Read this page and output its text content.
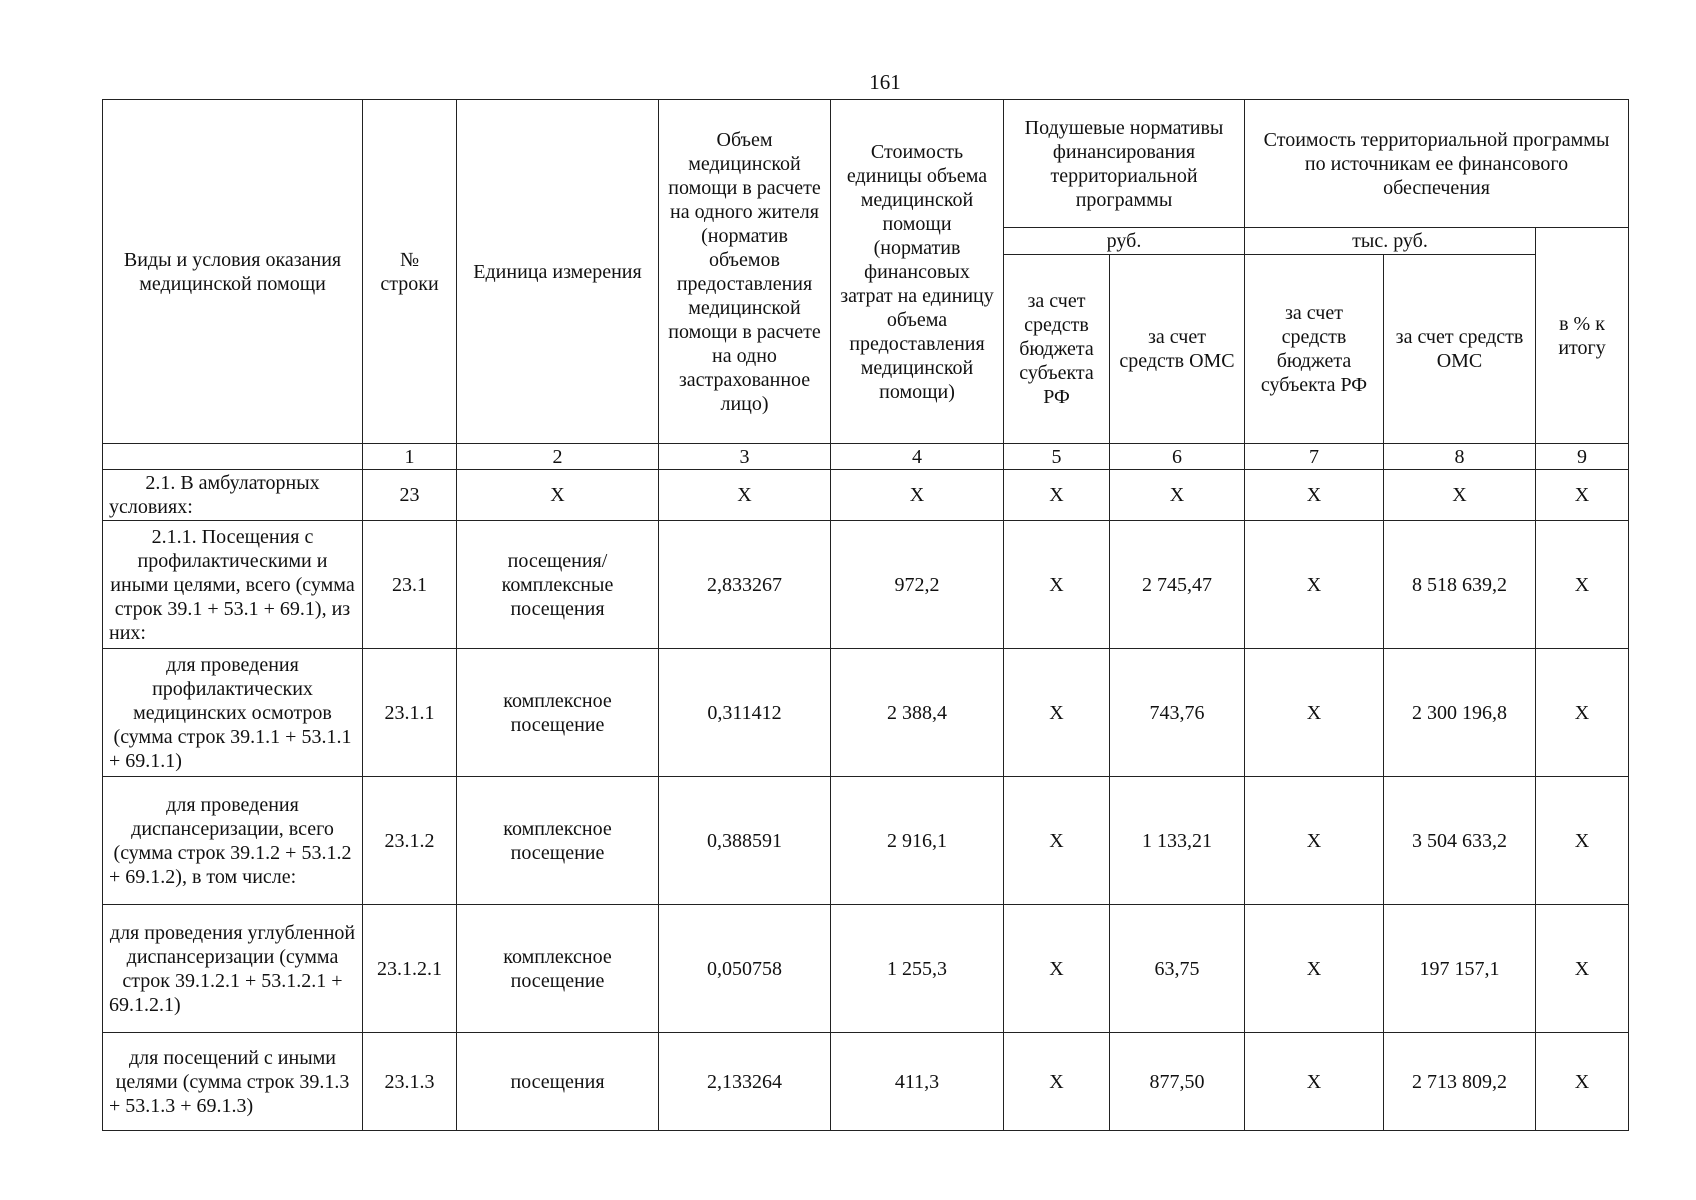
161
Виды и условия оказания медицинской помощи	№ строки	Единица измерения	Объем медицинской помощи в расчете на одного жителя (норматив объемов предоставления медицинской помощи в расчете на одно застрахованное лицо)	Стоимость единицы объема медицинской помощи (норматив финансовых затрат на единицу объема предоставления медицинской помощи)	Подушевые нормативы финансирования территориальной программы		Стоимость территориальной программы по источникам ее финансового обеспечения		
					руб.		тыс. руб.		в % к итогу
					за счет средств бюджета субъекта РФ	за счет средств ОМС	за счет средств бюджета субъекта РФ	за счет средств ОМС	
	1	2	3	4	5	6	7	8	9
2.1. В амбулаторных условиях:	23	X	X	X	X	X	X	X	X
2.1.1. Посещения с профилактическими и иными целями, всего (сумма строк 39.1 + 53.1 + 69.1), из них:	23.1	посещения/ комплексные посещения	2,833267	972,2	X	2 745,47	X	8 518 639,2	X
для проведения профилактических медицинских осмотров (сумма строк 39.1.1 + 53.1.1 + 69.1.1)	23.1.1	комплексное посещение	0,311412	2 388,4	X	743,76	X	2 300 196,8	X
для проведения диспансеризации, всего (сумма строк 39.1.2 + 53.1.2 + 69.1.2), в том числе:	23.1.2	комплексное посещение	0,388591	2 916,1	X	1 133,21	X	3 504 633,2	X
для проведения углубленной диспансеризации (сумма строк 39.1.2.1 + 53.1.2.1 + 69.1.2.1)	23.1.2.1	комплексное посещение	0,050758	1 255,3	X	63,75	X	197 157,1	X
для посещений с иными целями (сумма строк 39.1.3 + 53.1.3 + 69.1.3)	23.1.3	посещения	2,133264	411,3	X	877,50	X	2 713 809,2	X
